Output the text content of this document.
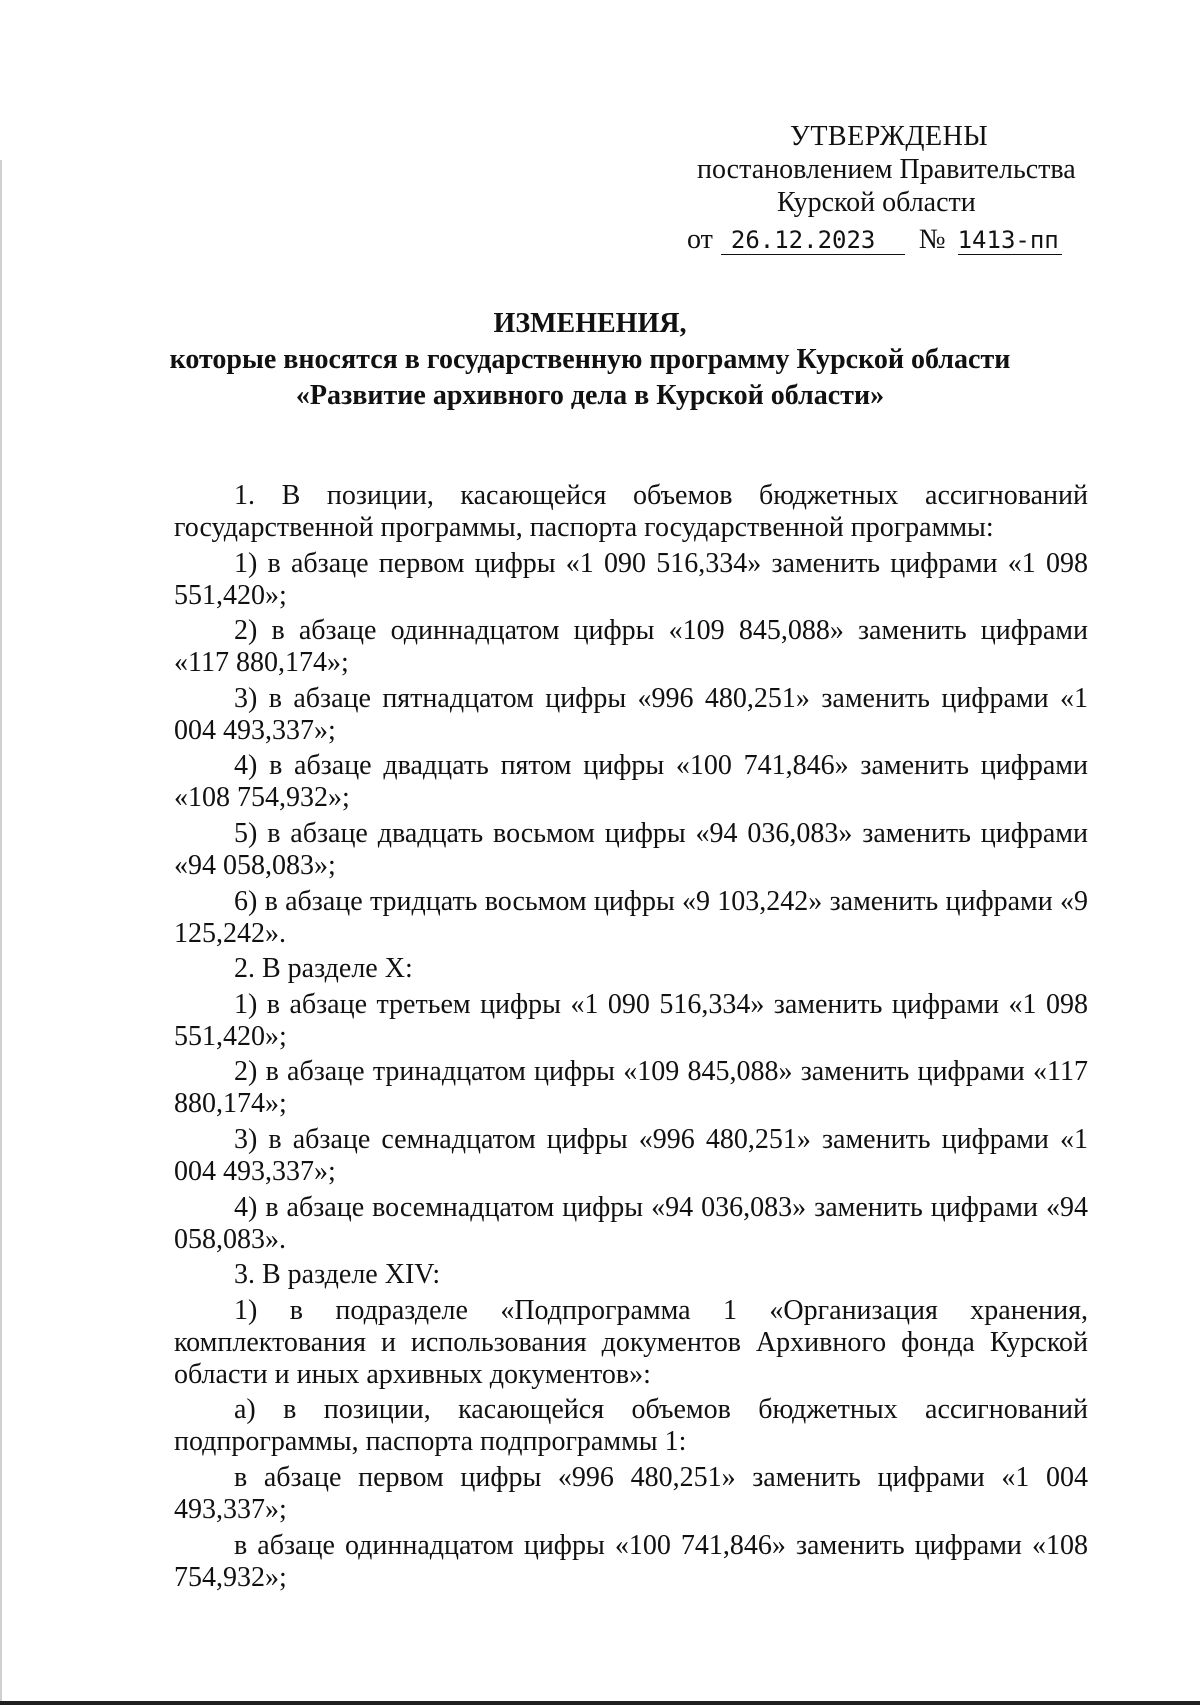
УТВЕРЖДЕНЫ
постановлением Правительства
Курской области
от 26.12.2023 № 1413-пп
ИЗМЕНЕНИЯ,
которые вносятся в государственную программу Курской области
«Развитие архивного дела в Курской области»

1. В позиции, касающейся объемов бюджетных ассигнований государственной программы, паспорта государственной программы:

1) в абзаце первом цифры «1 090 516,334» заменить цифрами «1 098 551,420»;

2) в абзаце одиннадцатом цифры «109 845,088» заменить цифрами «117 880,174»;

3) в абзаце пятнадцатом цифры «996 480,251» заменить цифрами «1 004 493,337»;

4) в абзаце двадцать пятом цифры «100 741,846» заменить цифрами «108 754,932»;

5) в абзаце двадцать восьмом цифры «94 036,083» заменить цифрами «94 058,083»;

6) в абзаце тридцать восьмом цифры «9 103,242» заменить цифрами «9 125,242».

2. В разделе X:

1) в абзаце третьем цифры «1 090 516,334» заменить цифрами «1 098 551,420»;

2) в абзаце тринадцатом цифры «109 845,088» заменить цифрами «117 880,174»;

3) в абзаце семнадцатом цифры «996 480,251» заменить цифрами «1 004 493,337»;

4) в абзаце восемнадцатом цифры «94 036,083» заменить цифрами «94 058,083».

3. В разделе XIV:

1) в подразделе «Подпрограмма 1 «Организация хранения, комплектования и использования документов Архивного фонда Курской области и иных архивных документов»:

а) в позиции, касающейся объемов бюджетных ассигнований подпрограммы, паспорта подпрограммы 1:

в абзаце первом цифры «996 480,251» заменить цифрами «1 004 493,337»;

в абзаце одиннадцатом цифры «100 741,846» заменить цифрами «108 754,932»;
